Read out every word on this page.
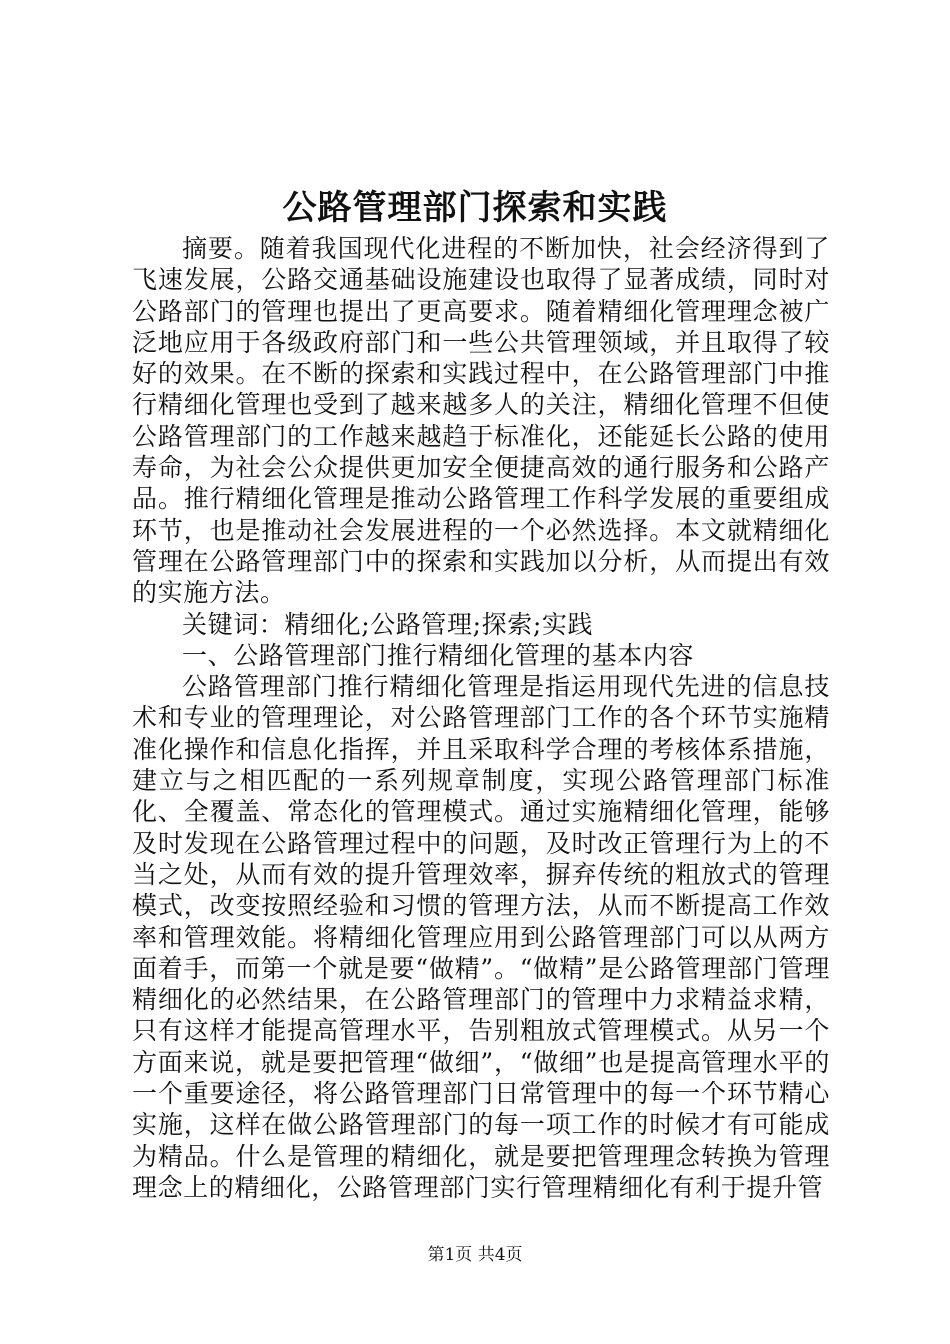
公路管理部门探索和实践

摘要。随着我国现代化进程的不断加快，社会经济得到了飞速发展，公路交通基础设施建设也取得了显著成绩，同时对公路部门的管理也提出了更高要求。随着精细化管理理念被广泛地应用于各级政府部门和一些公共管理领域，并且取得了较好的效果。在不断的探索和实践过程中，在公路管理部门中推行精细化管理也受到了越来越多人的关注，精细化管理不但使公路管理部门的工作越来越趋于标准化，还能延长公路的使用寿命，为社会公众提供更加安全便捷高效的通行服务和公路产品。推行精细化管理是推动公路管理工作科学发展的重要组成环节，也是推动社会发展进程的一个必然选择。本文就精细化管理在公路管理部门中的探索和实践加以分析，从而提出有效的实施方法。

关键词：精细化;公路管理;探索;实践

一、公路管理部门推行精细化管理的基本内容

公路管理部门推行精细化管理是指运用现代先进的信息技术和专业的管理理论，对公路管理部门工作的各个环节实施精准化操作和信息化指挥，并且采取科学合理的考核体系措施，建立与之相匹配的一系列规章制度，实现公路管理部门标准化、全覆盖、常态化的管理模式。通过实施精细化管理，能够及时发现在公路管理过程中的问题，及时改正管理行为上的不当之处，从而有效的提升管理效率，摒弃传统的粗放式的管理模式，改变按照经验和习惯的管理方法，从而不断提高工作效率和管理效能。将精细化管理应用到公路管理部门可以从两方面着手，而第一个就是要“做精”。“做精”是公路管理部门管理精细化的必然结果，在公路管理部门的管理中力求精益求精，只有这样才能提高管理水平，告别粗放式管理模式。从另一个方面来说，就是要把管理“做细”，“做细”也是提高管理水平的一个重要途径，将公路管理部门日常管理中的每一个环节精心实施，这样在做公路管理部门的每一项工作的时候才有可能成为精品。什么是管理的精细化，就是要把管理理念转换为管理理念上的精细化，公路管理部门实行管理精细化有利于提升管

第1页 共4页
